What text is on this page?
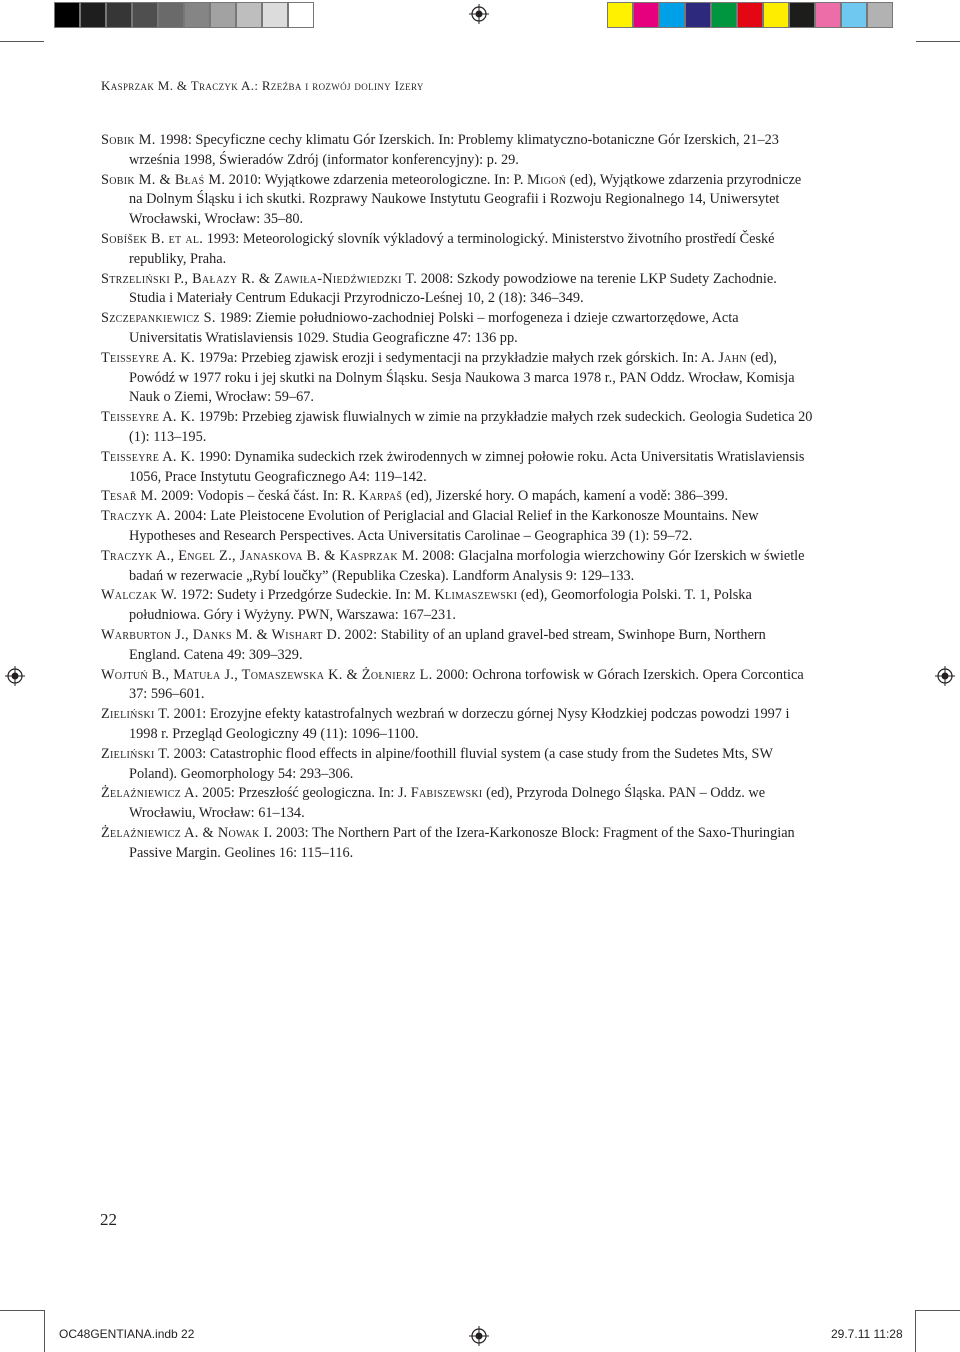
Kasprzak M. & Traczyk A.: Rzeźba i rozwój doliny Izery
Sobik M. 1998: Specyficzne cechy klimatu Gór Izerskich. In: Problemy klimatyczno-botaniczne Gór Izerskich, 21–23 września 1998, Świeradów Zdrój (informator konferencyjny): p. 29.
Sobik M. & Błaś M. 2010: Wyjątkowe zdarzenia meteorologiczne. In: P. Migoń (ed), Wyjątkowe zdarzenia przyrodnicze na Dolnym Śląsku i ich skutki. Rozprawy Naukowe Instytutu Geografii i Rozwoju Regionalnego 14, Uniwersytet Wrocławski, Wrocław: 35–80.
Sobíšek B. et al. 1993: Meteorologický slovník výkladový a terminologický. Ministerstvo životního prostředí České republiky, Praha.
Strzeliński P., Bałazy R. & Zawiła-Niedźwiedzki T. 2008: Szkody powodziowe na terenie LKP Sudety Zachodnie. Studia i Materiały Centrum Edukacji Przyrodniczo-Leśnej 10, 2 (18): 346–349.
Szczepankiewicz S. 1989: Ziemie południowo-zachodniej Polski – morfogeneza i dzieje czwartorzędowe, Acta Universitatis Wratislaviensis 1029. Studia Geograficzne 47: 136 pp.
Teisseyre A. K. 1979a: Przebieg zjawisk erozji i sedymentacji na przykładzie małych rzek górskich. In: A. Jahn (ed), Powódź w 1977 roku i jej skutki na Dolnym Śląsku. Sesja Naukowa 3 marca 1978 r., PAN Oddz. Wrocław, Komisja Nauk o Ziemi, Wrocław: 59–67.
Teisseyre A. K. 1979b: Przebieg zjawisk fluwialnych w zimie na przykładzie małych rzek sudeckich. Geologia Sudetica 20 (1): 113–195.
Teisseyre A. K. 1990: Dynamika sudeckich rzek żwirodennych w zimnej połowie roku. Acta Universitatis Wratislaviensis 1056, Prace Instytutu Geograficznego A4: 119–142.
Tesař M. 2009: Vodopis – česká část. In: R. Karpaš (ed), Jizerské hory. O mapách, kamení a vodě: 386–399.
Traczyk A. 2004: Late Pleistocene Evolution of Periglacial and Glacial Relief in the Karkonosze Mountains. New Hypotheses and Research Perspectives. Acta Universitatis Carolinae – Geographica 39 (1): 59–72.
Traczyk A., Engel Z., Janaskova B. & Kasprzak M. 2008: Glacjalna morfologia wierzchowiny Gór Izerskich w świetle badań w rezerwacie „Rybí loučky” (Republika Czeska). Landform Analysis 9: 129–133.
Walczak W. 1972: Sudety i Przedgórze Sudeckie. In: M. Klimaszewski (ed), Geomorfologia Polski. T. 1, Polska południowa. Góry i Wyżyny. PWN, Warszawa: 167–231.
Warburton J., Danks M. & Wishart D. 2002: Stability of an upland gravel-bed stream, Swinhope Burn, Northern England. Catena 49: 309–329.
Wojtuń B., Matuła J., Tomaszewska K. & Żołnierz L. 2000: Ochrona torfowisk w Górach Izerskich. Opera Corcontica 37: 596–601.
Zieliński T. 2001: Erozyjne efekty katastrofalnych wezbrań w dorzeczu górnej Nysy Kłodzkiej podczas powodzi 1997 i 1998 r. Przegląd Geologiczny 49 (11): 1096–1100.
Zieliński T. 2003: Catastrophic flood effects in alpine/foothill fluvial system (a case study from the Sudetes Mts, SW Poland). Geomorphology 54: 293–306.
Żelaźniewicz A. 2005: Przeszłość geologiczna. In: J. Fabiszewski (ed), Przyroda Dolnego Śląska. PAN – Oddz. we Wrocławiu, Wrocław: 61–134.
Żelaźniewicz A. & Nowak I. 2003: The Northern Part of the Izera-Karkonosze Block: Fragment of the Saxo-Thuringian Passive Margin. Geolines 16: 115–116.
22
OC48GENTIANA.indb 22	29.7.11 11:28
